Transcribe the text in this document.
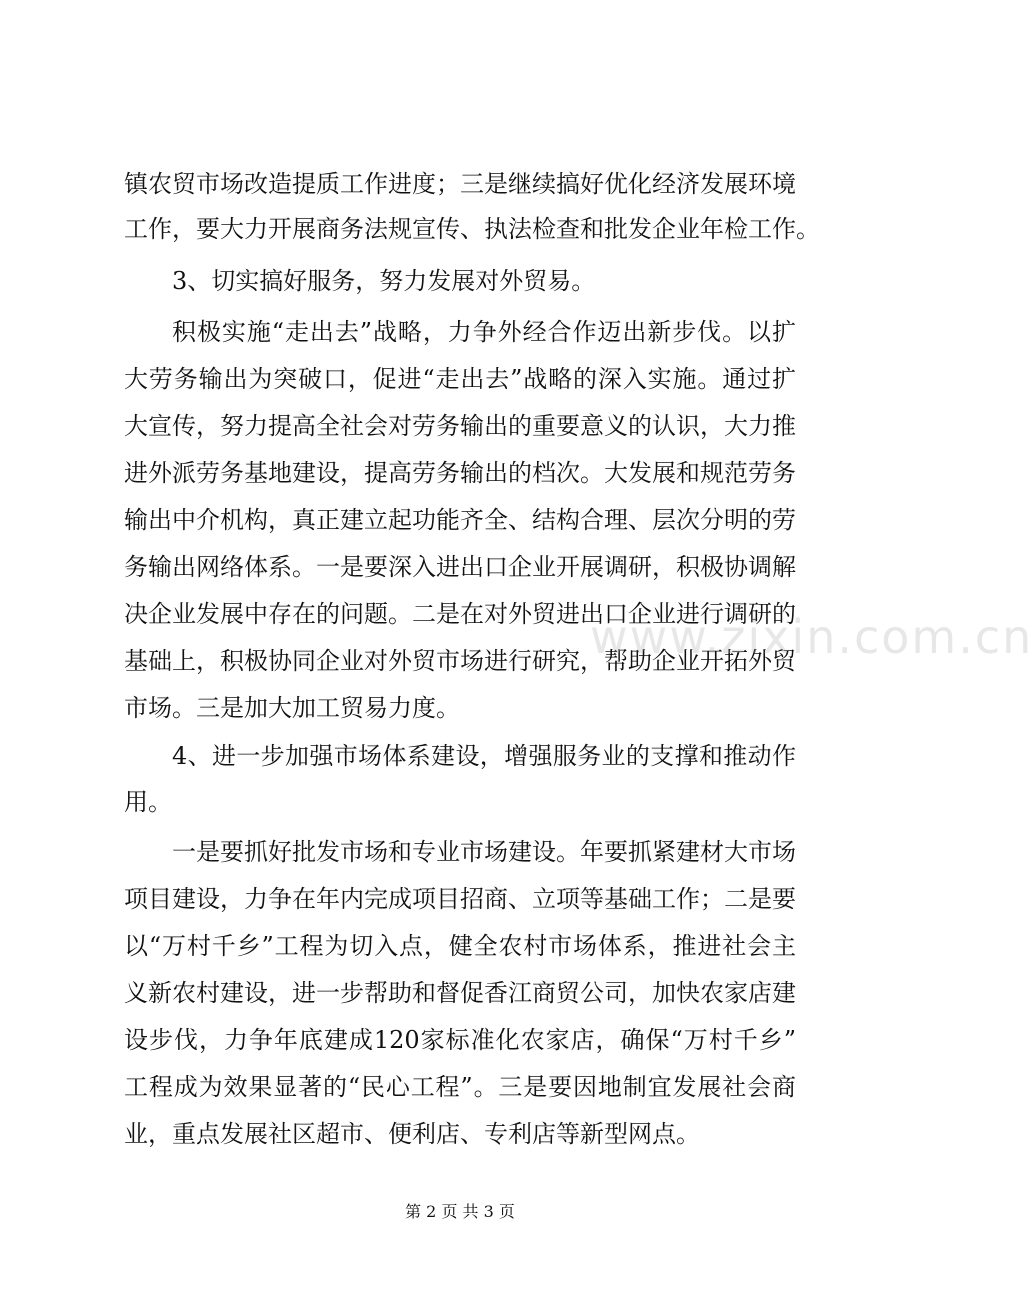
镇农贸市场改造提质工作进度；三是继续搞好优化经济发展环境
工作，要大力开展商务法规宣传、执法检查和批发企业年检工作。
3、切实搞好服务，努力发展对外贸易。
积极实施“走出去”战略，力争外经合作迈出新步伐。以扩
大劳务输出为突破口，促进“走出去”战略的深入实施。通过扩
大宣传，努力提高全社会对劳务输出的重要意义的认识，大力推
进外派劳务基地建设，提高劳务输出的档次。大发展和规范劳务
输出中介机构，真正建立起功能齐全、结构合理、层次分明的劳
务输出网络体系。一是要深入进出口企业开展调研，积极协调解
决企业发展中存在的问题。二是在对外贸进出口企业进行调研的
基础上，积极协同企业对外贸市场进行研究，帮助企业开拓外贸
市场。三是加大加工贸易力度。
4、进一步加强市场体系建设，增强服务业的支撑和推动作
用。
一是要抓好批发市场和专业市场建设。年要抓紧建材大市场
项目建设，力争在年内完成项目招商、立项等基础工作；二是要
以“万村千乡”工程为切入点，健全农村市场体系，推进社会主
义新农村建设，进一步帮助和督促香江商贸公司，加快农家店建
设步伐，力争年底建成120家标准化农家店，确保“万村千乡”
工程成为效果显著的“民心工程”。三是要因地制宜发展社会商
业，重点发展社区超市、便利店、专利店等新型网点。
www.zixin.com.cn
第 2 页 共 3 页
